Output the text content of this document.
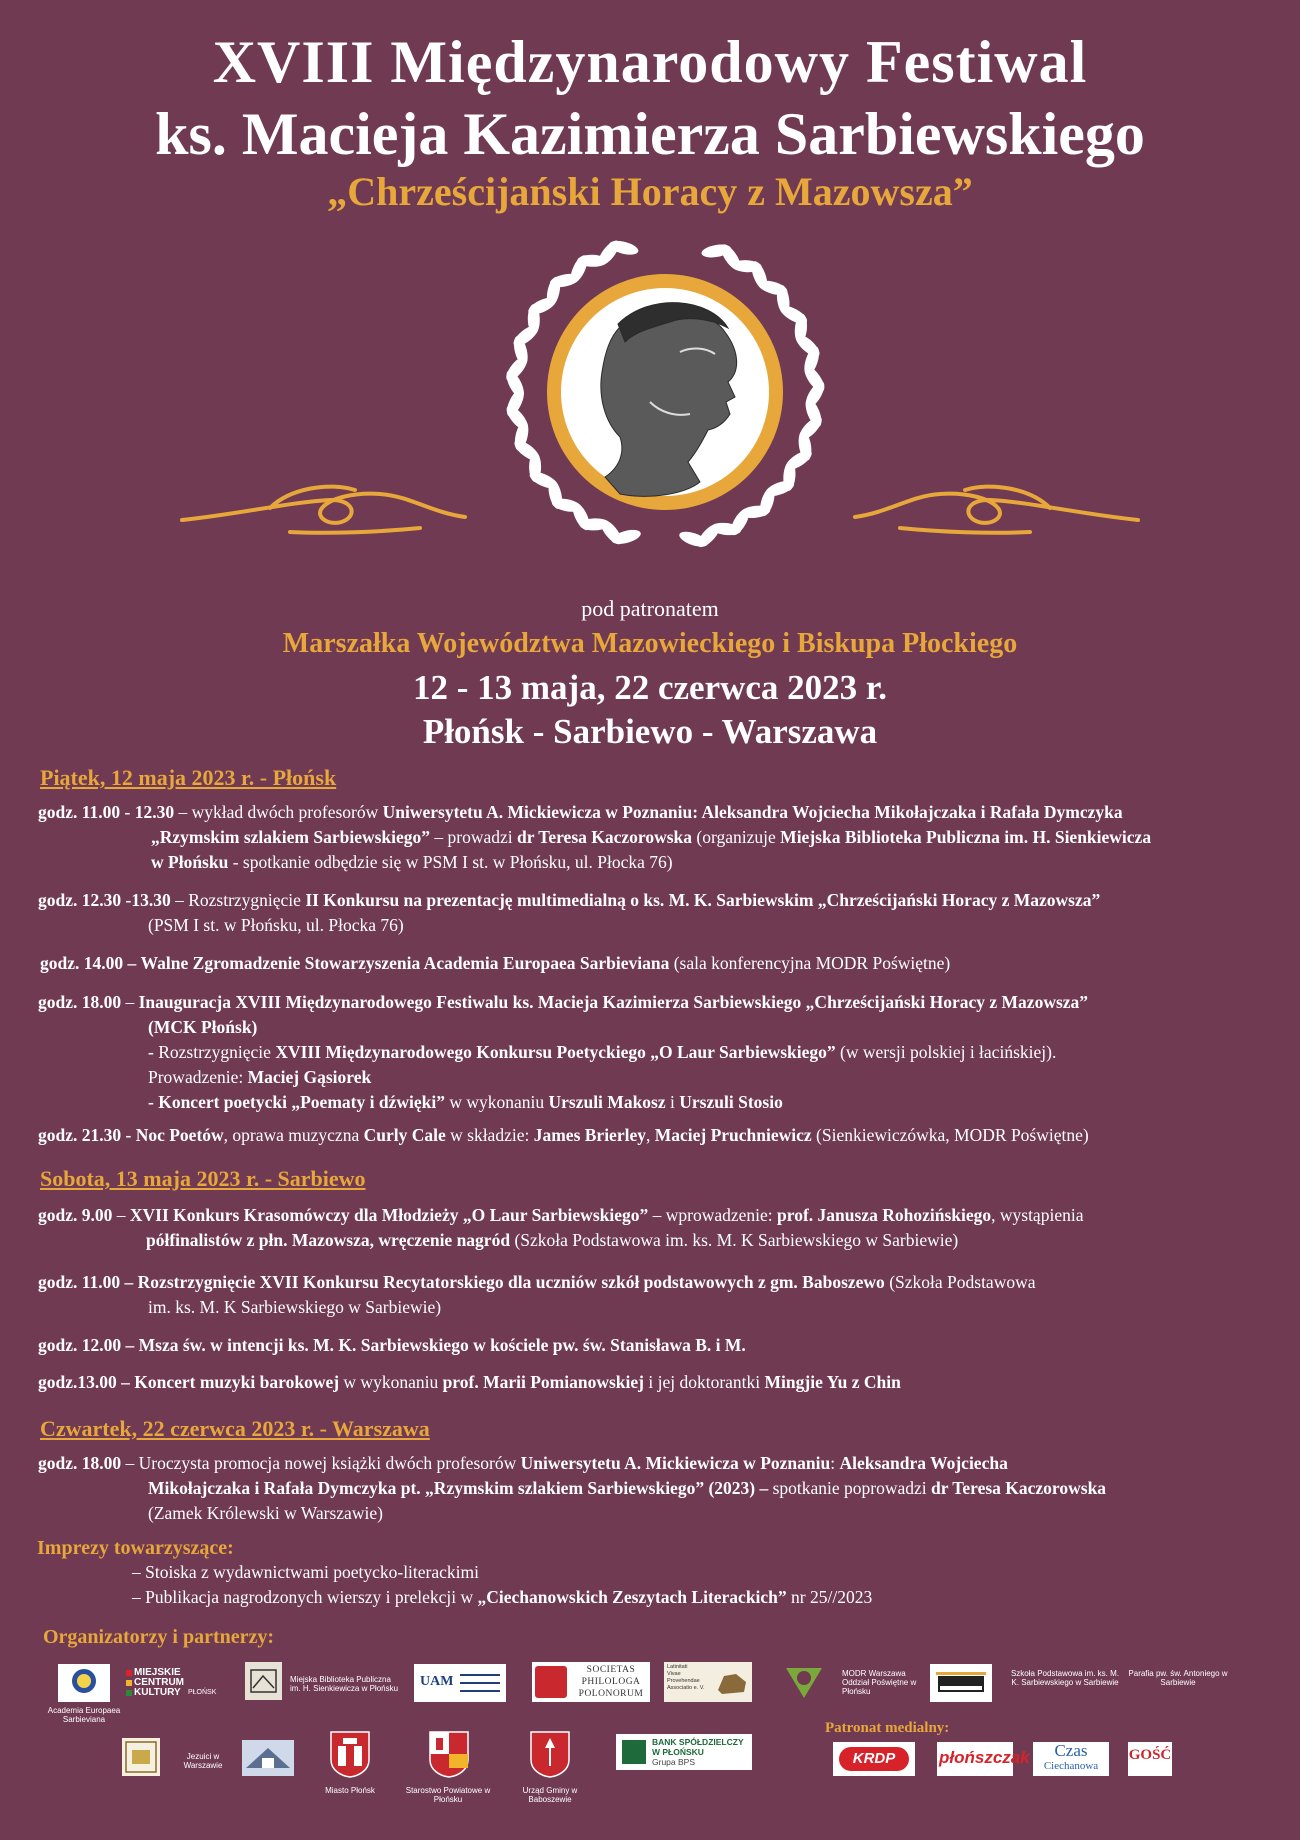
XVIII Międzynarodowy Festiwal
ks. Macieja Kazimierza Sarbiewskiego
„Chrześcijański Horacy z Mazowsza”
pod patronatem
Marszałka Województwa Mazowieckiego i Biskupa Płockiego
12 - 13 maja, 22 czerwca 2023 r.
Płońsk - Sarbiewo - Warszawa
Piątek, 12 maja 2023 r. - Płońsk
godz. 11.00 - 12.30 – wykład dwóch profesorów Uniwersytetu A. Mickiewicza w Poznaniu: Aleksandra Wojciecha Mikołajczaka i Rafała Dymczyka
„Rzymskim szlakiem Sarbiewskiego” – prowadzi dr Teresa Kaczorowska (organizuje Miejska Biblioteka Publiczna im. H. Sienkiewicza
w Płońsku - spotkanie odbędzie się w PSM I st. w Płońsku, ul. Płocka 76)
godz. 12.30 -13.30 – Rozstrzygnięcie II Konkursu na prezentację multimedialną o ks. M. K. Sarbiewskim „Chrześcijański Horacy z Mazowsza”
(PSM I st. w Płońsku, ul. Płocka 76)
godz. 14.00 – Walne Zgromadzenie Stowarzyszenia Academia Europaea Sarbieviana (sala konferencyjna MODR Poświętne)
godz. 18.00 – Inauguracja XVIII Międzynarodowego Festiwalu ks. Macieja Kazimierza Sarbiewskiego „Chrześcijański Horacy z Mazowsza”
(MCK Płońsk)
- Rozstrzygnięcie XVIII Międzynarodowego Konkursu Poetyckiego „O Laur Sarbiewskiego” (w wersji polskiej i łacińskiej).
Prowadzenie: Maciej Gąsiorek
- Koncert poetycki „Poematy i dźwięki” w wykonaniu Urszuli Makosz i Urszuli Stosio
godz. 21.30 - Noc Poetów, oprawa muzyczna Curly Cale w składzie: James Brierley, Maciej Pruchniewicz (Sienkiewiczówka, MODR Poświętne)
Sobota, 13 maja 2023 r. - Sarbiewo
godz. 9.00 – XVII Konkurs Krasomówczy dla Młodzieży „O Laur Sarbiewskiego” – wprowadzenie: prof. Janusza Rohozińskiego, wystąpienia
półfinalistów z płn. Mazowsza, wręczenie nagród (Szkoła Podstawowa im. ks. M. K Sarbiewskiego w Sarbiewie)
godz. 11.00 – Rozstrzygnięcie XVII Konkursu Recytatorskiego dla uczniów szkół podstawowych z gm. Baboszewo (Szkoła Podstawowa
im. ks. M. K Sarbiewskiego w Sarbiewie)
godz. 12.00 – Msza św. w intencji ks. M. K. Sarbiewskiego w kościele pw. św. Stanisława B. i M.
godz.13.00 – Koncert muzyki barokowej w wykonaniu prof. Marii Pomianowskiej i jej doktorantki Mingjie Yu z Chin
Czwartek, 22 czerwca 2023 r. - Warszawa
godz. 18.00 – Uroczysta promocja nowej książki dwóch profesorów Uniwersytetu A. Mickiewicza w Poznaniu: Aleksandra Wojciecha
Mikołajczaka i Rafała Dymczyka pt. „Rzymskim szlakiem Sarbiewskiego” (2023) – spotkanie poprowadzi dr Teresa Kaczorowska
(Zamek Królewski w Warszawie)
Imprezy towarzyszące:
– Stoiska z wydawnictwami poetycko-literackimi
– Publikacja nagrodzonych wierszy i prelekcji w „Ciechanowskich Zeszytach Literackich” nr 25//2023
Organizatorzy i partnerzy:
Academia Europaea Sarbieviana
MIEJSKIE
CENTRUM
KULTURY PŁOŃSK
Miejska Biblioteka Publiczna im. H. Sienkiewicza w Płońsku UAM
SOCIETAS
PHILOLOGA
POLONORUM
Latinitati
Vivae
Provehendae
Associatio e. V.
MODR Warszawa Oddział Poświętne w Płońsku
Szkoła Podstawowa im. ks. M. K. Sarbiewskiego w Sarbiewie
Parafia pw. św. Antoniego w Sarbiewie
Jezuici w Warszawie
Miasto Płońsk	Starostwo Powiatowe w Płońsku
Urząd Gminy w Baboszewie
BANK SPÓŁDZIELCZY
W PŁOŃSKU
Grupa BPS
Patronat medialny:
KRDP	płońszczak	Czas
Ciechanowa
GOŚĆ
